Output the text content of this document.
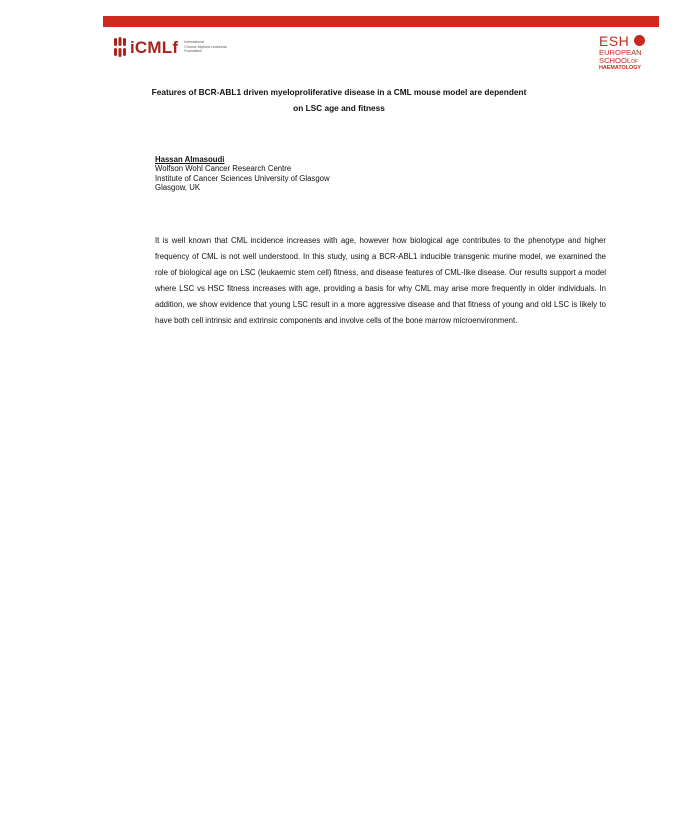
iCMLf International
Chronic Myeloid Leukemia
Foundation
ESH
EUROPEAN
SCHOOLOF
HAEMATOLOGY
Features of BCR-ABL1 driven myeloproliferative disease in a CML mouse model are dependent on LSC age and fitness
Hassan Almasoudi
Wolfson Wohl Cancer Research Centre
Institute of Cancer Sciences University of Glasgow
Glasgow, UK
It is well known that CML incidence increases with age, however how biological age contributes to the phenotype and higher frequency of CML is not well understood. In this study, using a BCR-ABL1 inducible transgenic murine model, we examined the role of biological age on LSC (leukaemic stem cell) fitness, and disease features of CML-like disease. Our results support a model where LSC vs HSC fitness increases with age, providing a basis for why CML may arise more frequently in older individuals. In addition, we show evidence that young LSC result in a more aggressive disease and that fitness of young and old LSC is likely to have both cell intrinsic and extrinsic components and involve cells of the bone marrow microenvironment.
